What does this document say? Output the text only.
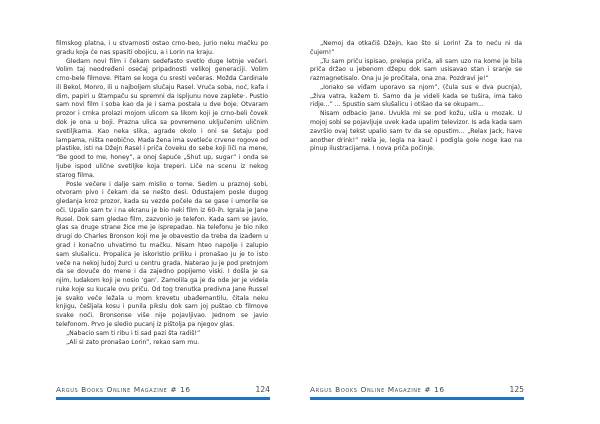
filmskog platna, i u stvarnosti ostao crno-beo, jurio neku mačku po gradu koja će nas spasiti obojicu, a i Lorin na kraju.

Gledam novi film i čekam sedefasto svetlo duge letnje večeri. Volim taj neodređeni osećaj pripadnosti velikoj generaciji. Volim crno-bele filmove. Pitam se koga ću sresti večeras. Možda Cardinale ili Bekol, Monro, ili u najboljem slučaju Rasel. Vruća soba, noć, kafa i dim, papiri u štampaču su spremni da ispljunu novе zapleteˑ. Pustio sam novi film i soba kao da je i sama postala u dve boje. Otvaram prozor i crnka prolazi mojom ulicom sa likom koji je crno-beli čovek dok je ona u boji. Prazna ulica sa povremeno uključenim uličnim svetiljkama. Kao neka slika, agrade okolo i oni se šetaju pod lampama, ništa neobično. Mada žena ima svetleće crvene rogove od plastike, isti na Džejn Rasel i priča čoveku do sebe koji liči na mene, “Be good to me, honey”, a onoj šapuće „Shut up, sugar” i onda se ljube ispod ulične svetiljke koja treperi. Liče na scenu iz nekog starog filma.

Posle večere i dalje sam mislio o tome. Sedim u praznoj sobi, otvoram pivo i čekam da se nešto desi. Odustajem posle dugog gledanja kroz prozor, kada su vezde počele da se gase i umorile se oči. Upalio sam tv i na ekranu je bio neki film iz 60-ih. Igrala je Jane Rusel. Dok sam gledao film, zazvonio je telefon. Kada sam se javio, glas sa druge strane žice me je isprepadao. Na telefonu je bio niko drugi do Charles Bronson koji me je obavestio da treba da izađem u grad i konačno uhvatimo tu mačku. Nisam hteo napolje i zalupio sam slušalicu. Propalica je iskoristio priliku i pronašao ju je to isto veče na nekoj ludoj žurci u centru grada. Naterao ju je pod pretnjom da se dovuče do mene i da zajedno popijemo viski. I došla je sa njim, ludakom koji je nosio ‘gan’. Zamolila ga je da ode jer je videla ruke koje su kucale ovu priču. Od tog trenutka predivna Jane Russel je svako veče ležala u mom krevetu ubađemantilu, čitala neku knjigu, češljala kosu i punila pikslu dok sam joj puštao cb filmove svake noći. Bronsonse više nije pojavljivao. Jednom se javio telefonom. Prvo je sledio pucanj iz pištolja pa njegov glas.

„Nabacio sam ti ribu i ti sad pazi šta radiš!”

„Ali si zato pronašao Lorin”, rekao sam mu.

Argus Books Online Magazine # 16	124

„Nemoj da otkačiš Džejn, kao što si Lorin! Za to neću ni da čujem!”

„Tu sam priču ispisao, prelepa priča, ali sam uzo na kome je bila priča držao u jebenom džepu dok sam usisavao stan i sranje se razmagnetisalo. Ona ju je pročitala, ona zna. Pozdravi je!”

„Ionako se viđam uporavo sa njom”, (čula sus e dva pucnja), „živa vatra, kažem ti. Samo da je videli kada se tušira, ima tako ridje...” ... Spustio sam slušalicu i otišao da se okupam...

Nisam odbacio Jane. Uvukla mi se pod kožu, ušla u mozak. U mojoj sobi se pojavljuje uvek kada upalim televizor. Is ada kada sam završio ovaj tekst upalio sam tv da se opustim... „Relax Jack, have another drink!” rekla je, legla na kauč i podigla gole noge kao na pinup ilustracijama. I nova priča počinje.

Argus Books Online Magazine # 16	125
